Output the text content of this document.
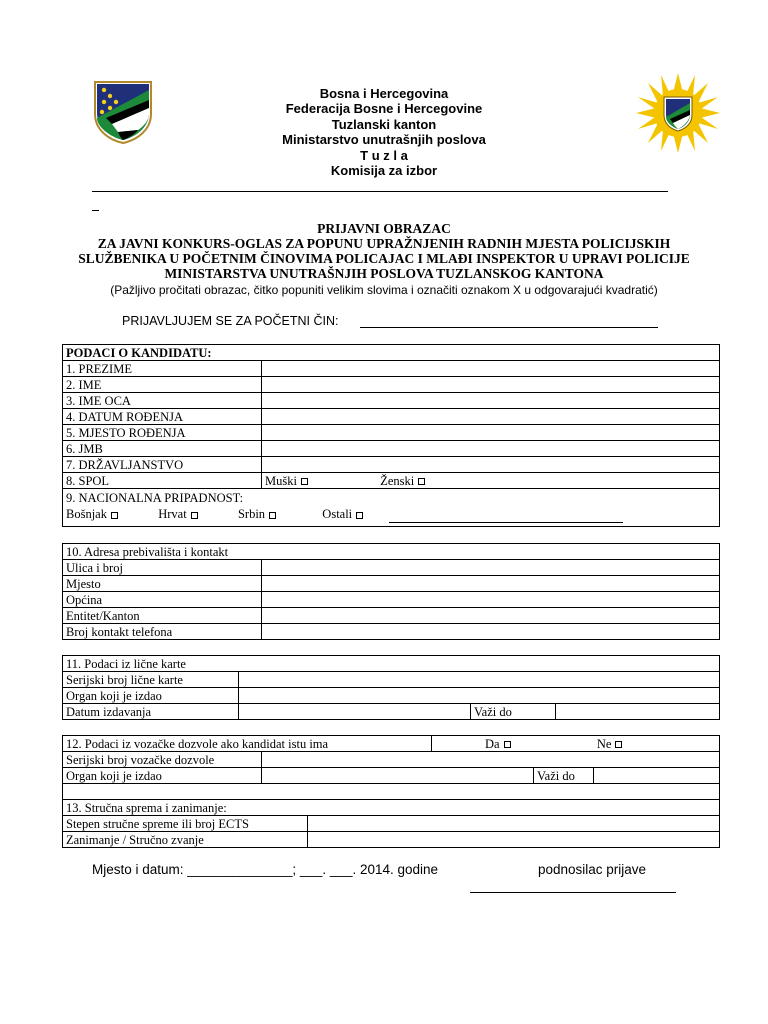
Bosna i Hercegovina
Federacija Bosne i Hercegovine
Tuzlanski kanton
Ministarstvo unutrašnjih poslova
T u z l a
Komisija za izbor
PRIJAVNI OBRAZAC
ZA JAVNI KONKURS-OGLAS ZA POPUNU UPRAŽNJENIH RADNIH MJESTA POLICIJSKIH
SLUŽBENIKA U POČETNIM ČINOVIMA POLICAJAC I MLAĐI INSPEKTOR U UPRAVI POLICIJE
MINISTARSTVA UNUTRAŠNJIH POSLOVA TUZLANSKOG KANTONA
(Pažljivo pročitati obrazac, čitko popuniti velikim slovima i označiti oznakom X u odgovarajući kvadratić)
PRIJAVLJUJEM SE ZA POČETNI ČIN:
PODACI O KANDIDATU:	
1. PREZIME	
2. IME	
3. IME OCA	
4. DATUM ROĐENJA	
5. MJESTO ROĐENJA	
6. JMB	
7. DRŽAVLJANSTVO	
8. SPOL	Muški Ženski

9. NACIONALNA PRIPADNOST:
Bošnjak Hrvat Srbin Ostali	
10. Adresa prebivališta i kontakt	
Ulica i broj	
Mjesto	
Općina	
Entitet/Kanton	
Broj kontakt telefona	
11. Podaci iz lične karte			
Serijski broj lične karte			
Organ koji je izdao			
Datum izdavanja		Važi do	
12. Podaci iz vozačke dozvole ako kandidat istu ima		Da Ne		
Serijski broj vozačke dozvole				
Organ koji je izdao			Važi do	

13. Stručna sprema i zanimanje:	
Stepen stručne spreme ili broj ECTS	
Zanimanje / Stručno zvanje	
Mjesto i datum: ______________; ___. ___. 2014. godine	podnosilac prijave
